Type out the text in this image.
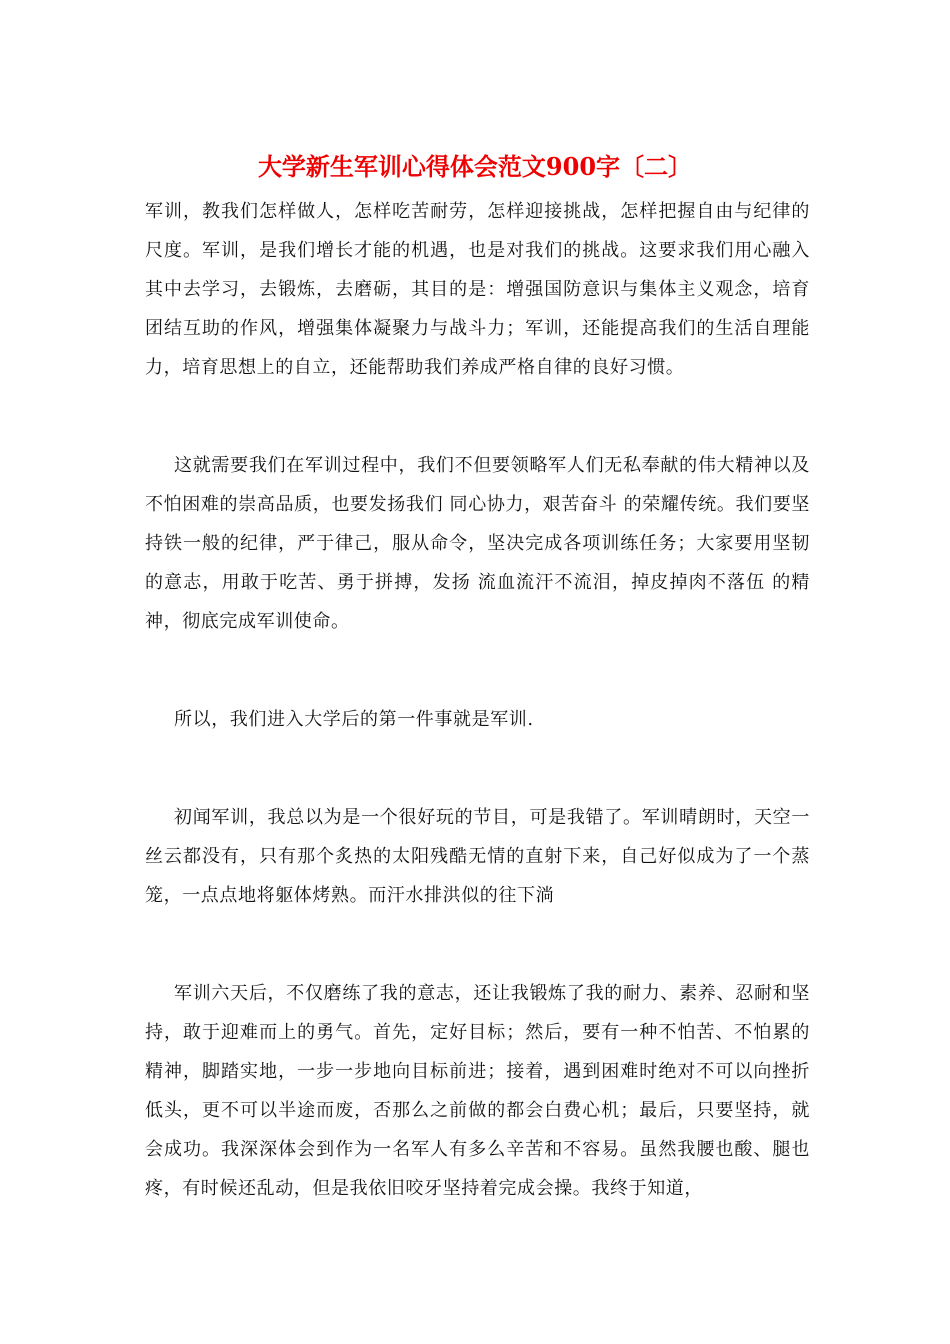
大学新生军训心得体会范文900字〔二〕

军训，教我们怎样做人，怎样吃苦耐劳，怎样迎接挑战，怎样把握自由与纪律的尺度。军训，是我们增长才能的机遇，也是对我们的挑战。这要求我们用心融入其中去学习，去锻炼，去磨砺，其目的是：增强国防意识与集体主义观念，培育团结互助的作风，增强集体凝聚力与战斗力；军训，还能提高我们的生活自理能力，培育思想上的自立，还能帮助我们养成严格自律的良好习惯。

这就需要我们在军训过程中，我们不但要领略军人们无私奉献的伟大精神以及不怕困难的崇高品质，也要发扬我们 同心协力，艰苦奋斗 的荣耀传统。我们要坚持铁一般的纪律，严于律己，服从命令，坚决完成各项训练任务；大家要用坚韧的意志，用敢于吃苦、勇于拼搏，发扬 流血流汗不流泪，掉皮掉肉不落伍 的精神，彻底完成军训使命。

所以，我们进入大学后的第一件事就是军训.

初闻军训，我总以为是一个很好玩的节目，可是我错了。军训晴朗时，天空一丝云都没有，只有那个炙热的太阳残酷无情的直射下来，自己好似成为了一个蒸笼，一点点地将躯体烤熟。而汗水排洪似的往下淌

军训六天后，不仅磨练了我的意志，还让我锻炼了我的耐力、素养、忍耐和坚持，敢于迎难而上的勇气。首先，定好目标；然后，要有一种不怕苦、不怕累的精神，脚踏实地，一步一步地向目标前进；接着，遇到困难时绝对不可以向挫折低头，更不可以半途而废，否那么之前做的都会白费心机；最后，只要坚持，就会成功。我深深体会到作为一名军人有多么辛苦和不容易。虽然我腰也酸、腿也疼，有时候还乱动，但是我依旧咬牙坚持着完成会操。我终于知道，
